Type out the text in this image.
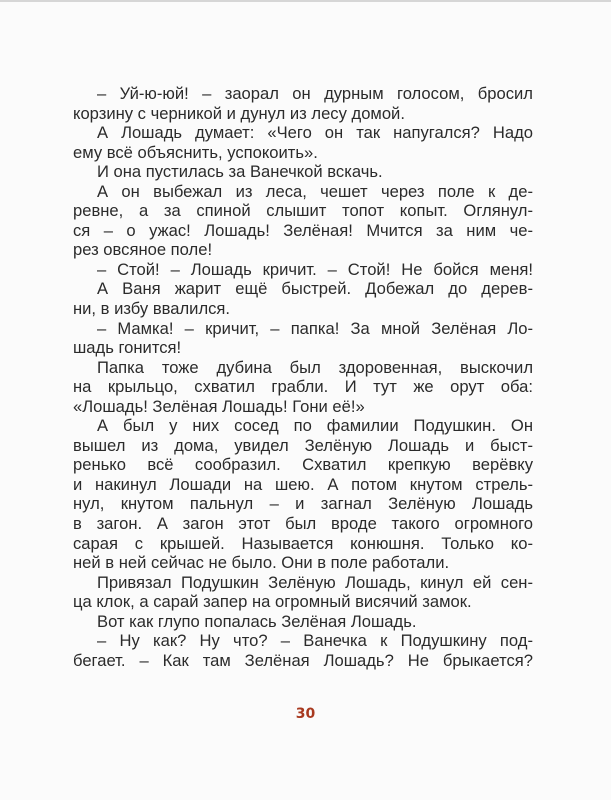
– Уй-ю-юй! – заорал он дурным голосом, бросил
корзину с черникой и дунул из лесу домой.
А Лошадь думает: «Чего он так напугался? Надо
ему всё объяснить, успокоить».
И она пустилась за Ванечкой вскачь.
А он выбежал из леса, чешет через поле к де-
ревне, а за спиной слышит топот копыт. Оглянул-
ся – о ужас! Лошадь! Зелёная! Мчится за ним че-
рез овсяное поле!
– Стой! – Лошадь кричит. – Стой! Не бойся меня!
А Ваня жарит ещё быстрей. Добежал до дерев-
ни, в избу ввалился.
– Мамка! – кричит, – папка! За мной Зелёная Ло-
шадь гонится!
Папка тоже дубина был здоровенная, выскочил
на крыльцо, схватил грабли. И тут же орут оба:
«Лошадь! Зелёная Лошадь! Гони её!»
А был у них сосед по фамилии Подушкин. Он
вышел из дома, увидел Зелёную Лошадь и быст-
ренько всё сообразил. Схватил крепкую верёвку
и накинул Лошади на шею. А потом кнутом стрель-
нул, кнутом пальнул – и загнал Зелёную Лошадь
в загон. А загон этот был вроде такого огромного
сарая с крышей. Называется конюшня. Только ко-
ней в ней сейчас не было. Они в поле работали.
Привязал Подушкин Зелёную Лошадь, кинул ей сен-
ца клок, а сарай запер на огромный висячий замок.
Вот как глупо попалась Зелёная Лошадь.
– Ну как? Ну что? – Ванечка к Подушкину под-
бегает. – Как там Зелёная Лошадь? Не брыкается?
30
